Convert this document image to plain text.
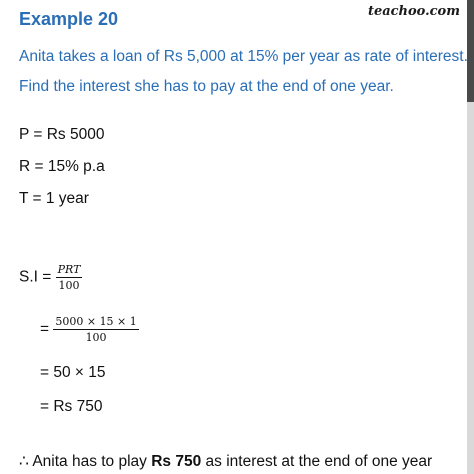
teachoo.com
Example 20
Anita takes a loan of Rs 5,000 at 15% per year as rate of interest.
Find the interest she has to pay at the end of one year.
P = Rs 5000
R = 15% p.a
T = 1 year
$S.I = \frac{\text{PRT}}{100}$
= $\frac{5000 \times 15 \times 1}{100}$
= 50 × 15
= Rs 750
∴ Anita has to play Rs 750 as interest at the end of one year
